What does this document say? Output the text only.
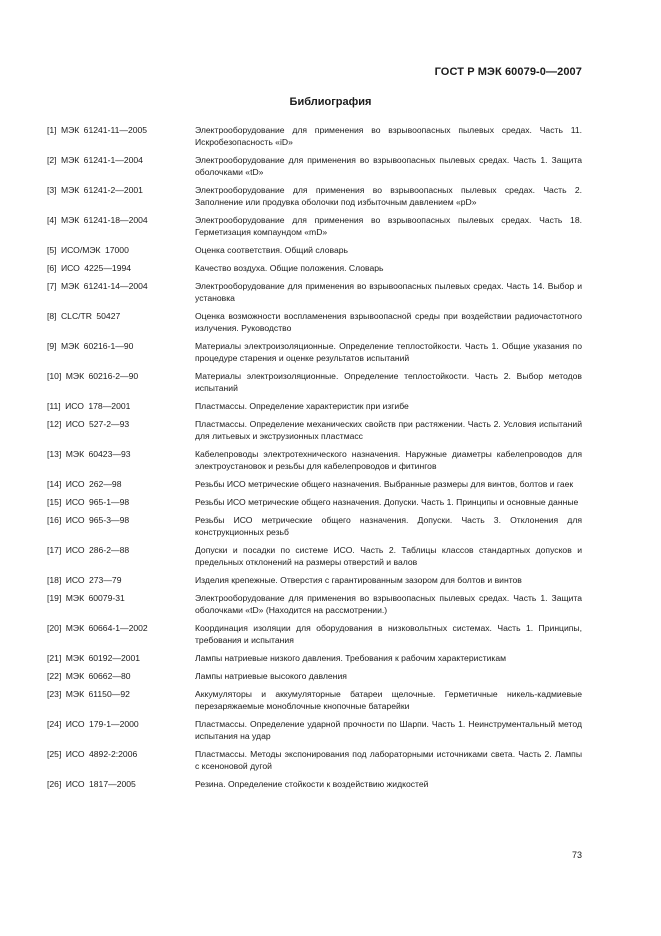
ГОСТ Р МЭК 60079-0—2007
Библиография
[1] МЭК 61241-11—2005	Электрооборудование для применения во взрывоопасных пылевых средах. Часть 11. Искробезопасность «iD»
[2] МЭК 61241-1—2004	Электрооборудование для применения во взрывоопасных пылевых средах. Часть 1. Защита оболочками «tD»
[3] МЭК 61241-2—2001	Электрооборудование для применения во взрывоопасных пылевых средах. Часть 2. Заполнение или продувка оболочки под избыточным давлением «pD»
[4] МЭК 61241-18—2004	Электрооборудование для применения во взрывоопасных пылевых средах. Часть 18. Герметизация компаундом «mD»
[5] ИСО/МЭК 17000	Оценка соответствия. Общий словарь
[6] ИСО 4225—1994	Качество воздуха. Общие положения. Словарь
[7] МЭК 61241-14—2004	Электрооборудование для применения во взрывоопасных пылевых средах. Часть 14. Выбор и установка
[8] CLC/TR 50427	Оценка возможности воспламенения взрывоопасной среды при воздействии радиочастотного излучения. Руководство
[9] МЭК 60216-1—90	Материалы электроизоляционные. Определение теплостойкости. Часть 1. Общие указания по процедуре старения и оценке результатов испытаний
[10] МЭК 60216-2—90	Материалы электроизоляционные. Определение теплостойкости. Часть 2. Выбор методов испытаний
[11] ИСО 178—2001	Пластмассы. Определение характеристик при изгибе
[12] ИСО 527-2—93	Пластмассы. Определение механических свойств при растяжении. Часть 2. Условия испытаний для литьевых и экструзионных пластмасс
[13] МЭК 60423—93	Кабелепроводы электротехнического назначения. Наружные диаметры кабелепроводов для электроустановок и резьбы для кабелепроводов и фитингов
[14] ИСО 262—98	Резьбы ИСО метрические общего назначения. Выбранные размеры для винтов, болтов и гаек
[15] ИСО 965-1—98	Резьбы ИСО метрические общего назначения. Допуски. Часть 1. Принципы и основные данные
[16] ИСО 965-3—98	Резьбы ИСО метрические общего назначения. Допуски. Часть 3. Отклонения для конструкционных резьб
[17] ИСО 286-2—88	Допуски и посадки по системе ИСО. Часть 2. Таблицы классов стандартных допусков и предельных отклонений на размеры отверстий и валов
[18] ИСО 273—79	Изделия крепежные. Отверстия с гарантированным зазором для болтов и винтов
[19] МЭК 60079-31	Электрооборудование для применения во взрывоопасных пылевых средах. Часть 1. Защита оболочками «tD» (Находится на рассмотрении.)
[20] МЭК 60664-1—2002	Координация изоляции для оборудования в низковольтных системах. Часть 1. Принципы, требования и испытания
[21] МЭК 60192—2001	Лампы натриевые низкого давления. Требования к рабочим характеристикам
[22] МЭК 60662—80	Лампы натриевые высокого давления
[23] МЭК 61150—92	Аккумуляторы и аккумуляторные батареи щелочные. Герметичные никель-кадмиевые перезаряжаемые моноблочные кнопочные батарейки
[24] ИСО 179-1—2000	Пластмассы. Определение ударной прочности по Шарпи. Часть 1. Неинструментальный метод испытания на удар
[25] ИСО 4892-2:2006	Пластмассы. Методы экспонирования под лабораторными источниками света. Часть 2. Лампы с ксеноновой дугой
[26] ИСО 1817—2005	Резина. Определение стойкости к воздействию жидкостей
73
